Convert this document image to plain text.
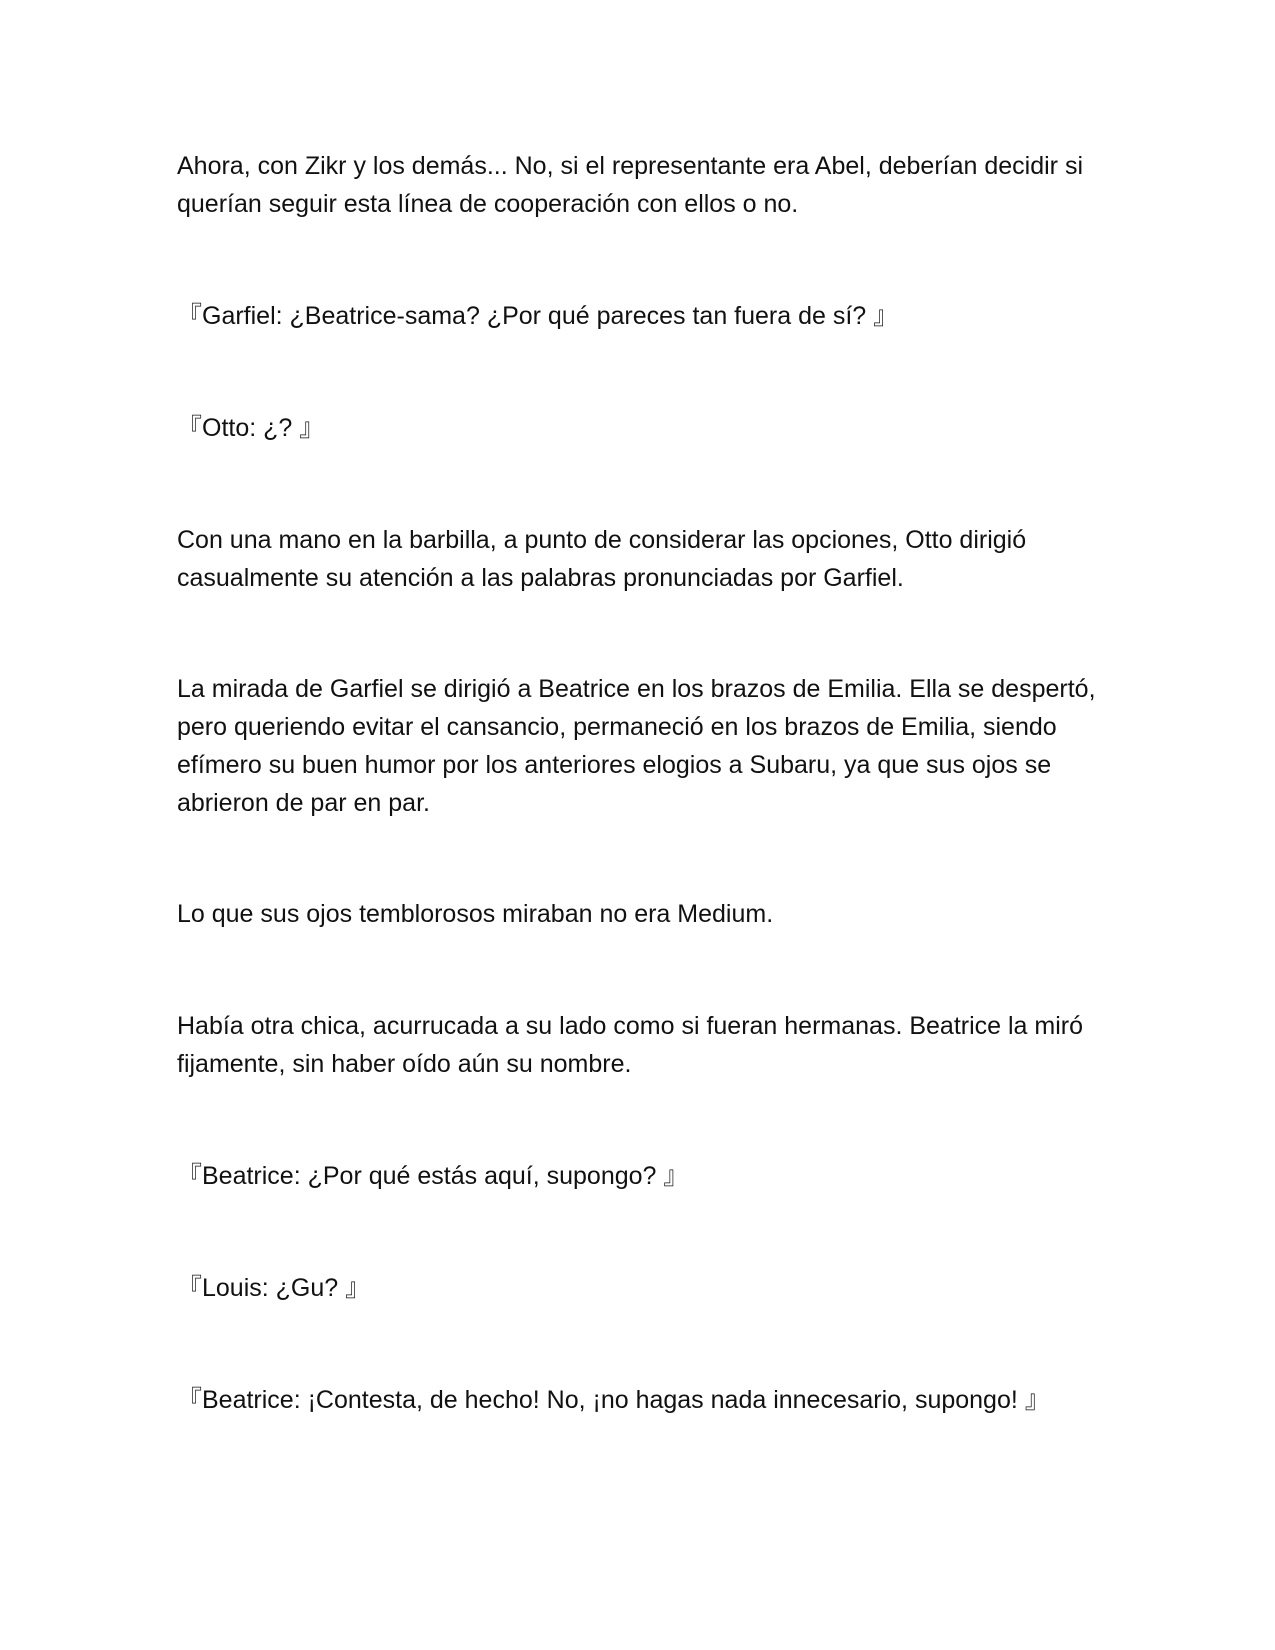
Ahora, con Zikr y los demás... No, si el representante era Abel, deberían decidir si querían seguir esta línea de cooperación con ellos o no.

『Garfiel: ¿Beatrice-sama? ¿Por qué pareces tan fuera de sí? 』

『Otto: ¿? 』

Con una mano en la barbilla, a punto de considerar las opciones, Otto dirigió casualmente su atención a las palabras pronunciadas por Garfiel.

La mirada de Garfiel se dirigió a Beatrice en los brazos de Emilia. Ella se despertó, pero queriendo evitar el cansancio, permaneció en los brazos de Emilia, siendo efímero su buen humor por los anteriores elogios a Subaru, ya que sus ojos se abrieron de par en par.

Lo que sus ojos temblorosos miraban no era Medium.

Había otra chica, acurrucada a su lado como si fueran hermanas. Beatrice la miró fijamente, sin haber oído aún su nombre.

『Beatrice: ¿Por qué estás aquí, supongo? 』

『Louis: ¿Gu? 』

『Beatrice: ¡Contesta, de hecho! No, ¡no hagas nada innecesario, supongo! 』
